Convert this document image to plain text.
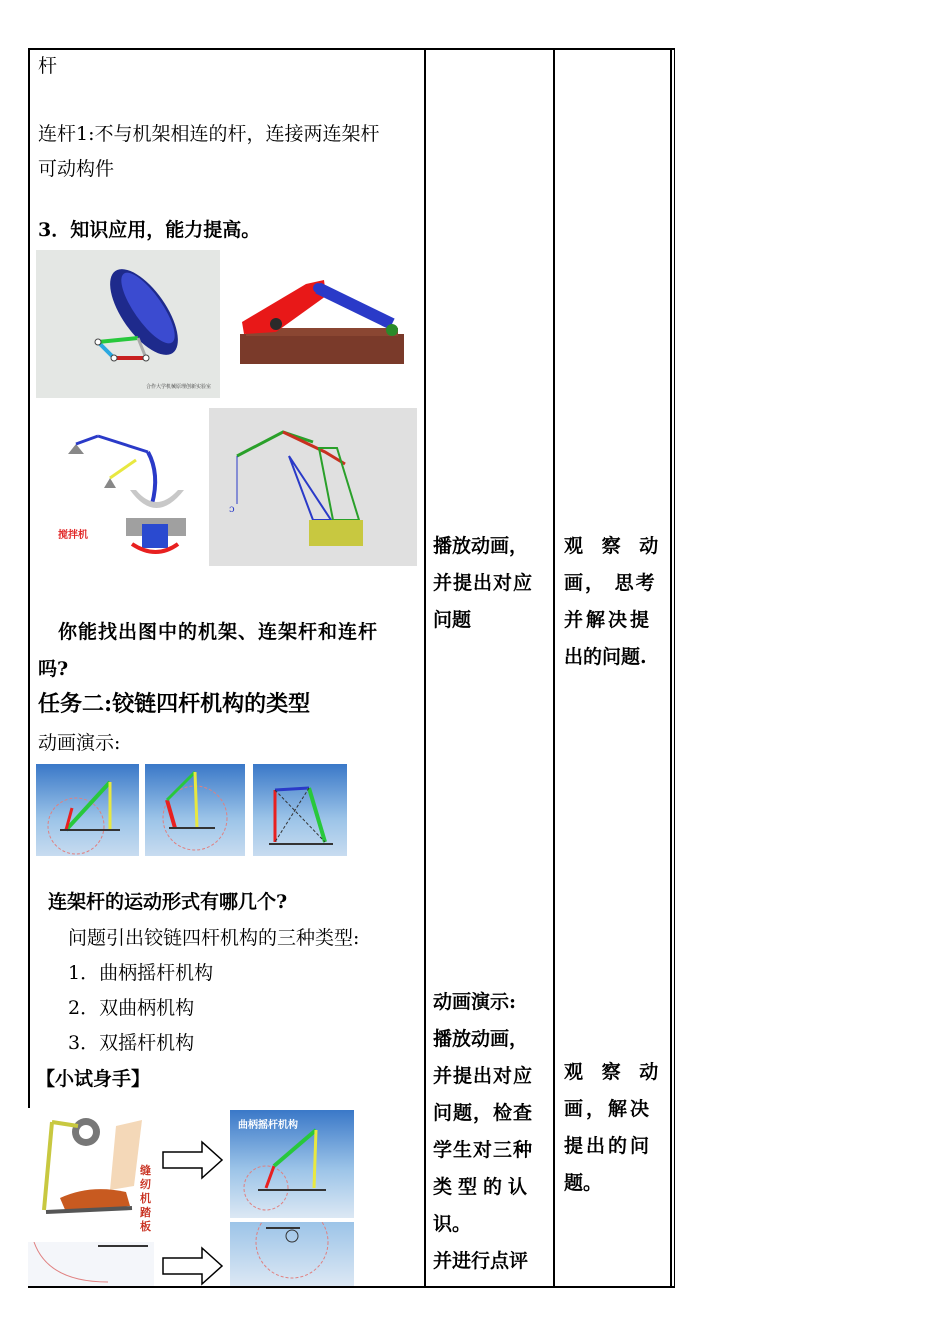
杆
连杆1:不与机架相连的杆，连接两连架杆
可动构件
3．知识应用，能力提高。
合作大学机械原理创新实验室
搅拌机
ɔ
你能找出图中的机架、连架杆和连杆
吗?
任务二:铰链四杆机构的类型
动画演示:
连架杆的运动形式有哪几个?
问题引出铰链四杆机构的三种类型:
1．曲柄摇杆机构
2．双曲柄机构
3．双摇杆机构
【小试身手】
缝纫机踏板
曲柄摇杆机构
播放动画，
并提出对应
问题
动画演示:
播放动画，
并提出对应
问题，检查
学生对三种
类型的认
识。
并进行点评
观 察 动
画， 思考
并解决提
出的问题.
观 察 动
画，解决
提出的问
题。
